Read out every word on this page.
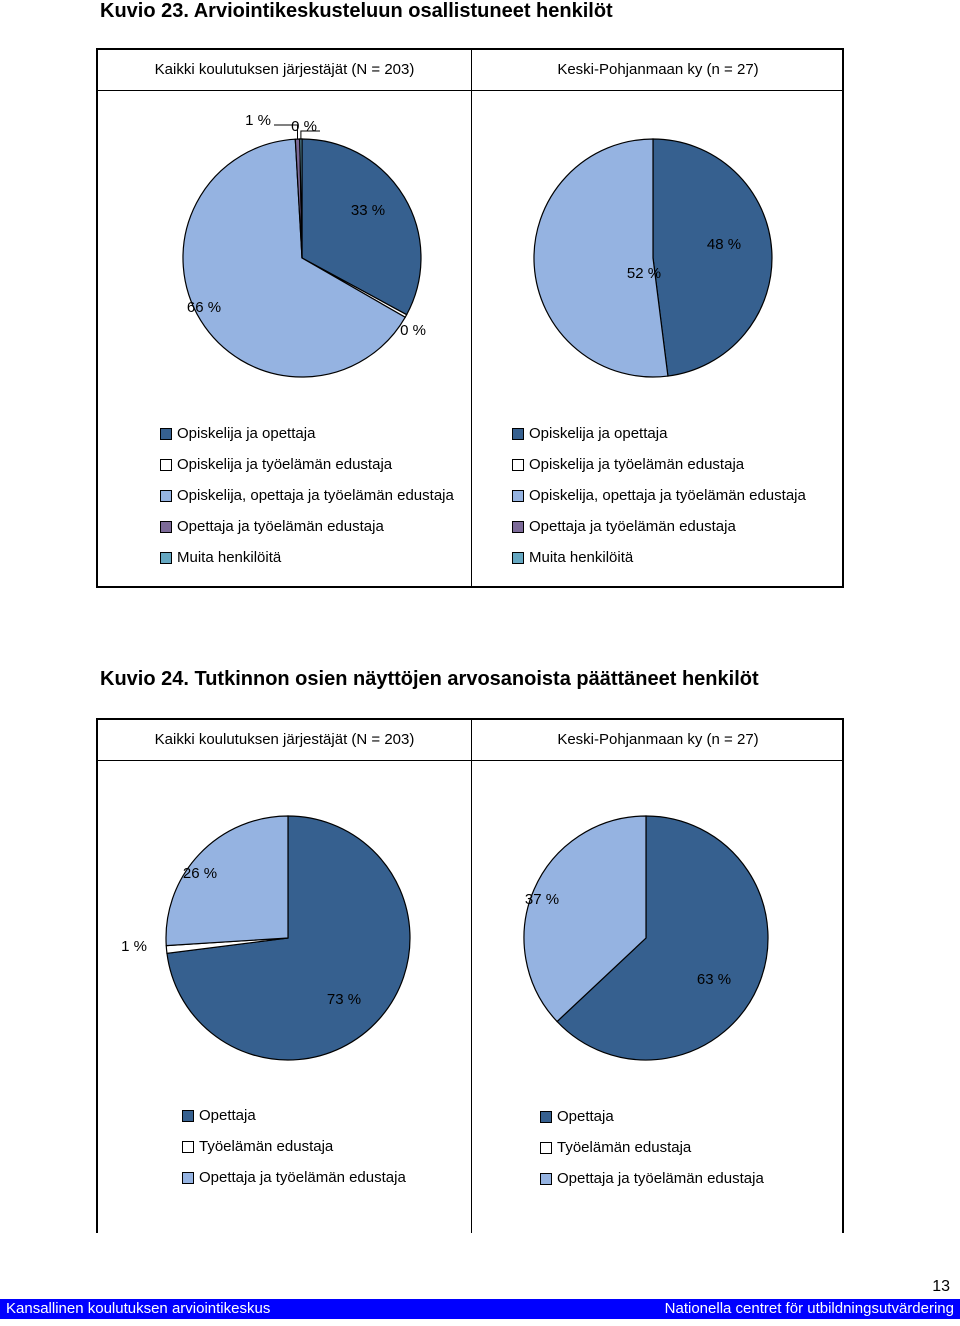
Kuvio 23. Arviointikeskusteluun osallistuneet henkilöt
Kaikki koulutuksen järjestäjät (N = 203)
33 %
0 %
66 %
1 % 0 %
Opiskelija ja opettaja
Opiskelija ja työelämän edustaja
Opiskelija, opettaja ja työelämän edustaja
Opettaja ja työelämän edustaja
Muita henkilöitä
Keski-Pohjanmaan ky (n = 27)
48 %
52 %
Opiskelija ja opettaja
Opiskelija ja työelämän edustaja
Opiskelija, opettaja ja työelämän edustaja
Opettaja ja työelämän edustaja
Muita henkilöitä
Kuvio 24. Tutkinnon osien näyttöjen arvosanoista päättäneet henkilöt
Kaikki koulutuksen järjestäjät (N = 203)
73 %
1 %
26 %
Opettaja
Työelämän edustaja
Opettaja ja työelämän edustaja
Keski-Pohjanmaan ky (n = 27)
63 %
37 %
Opettaja
Työelämän edustaja
Opettaja ja työelämän edustaja
13
Kansallinen koulutuksen arviointikeskus	Nationella centret för utbildningsutvärdering
